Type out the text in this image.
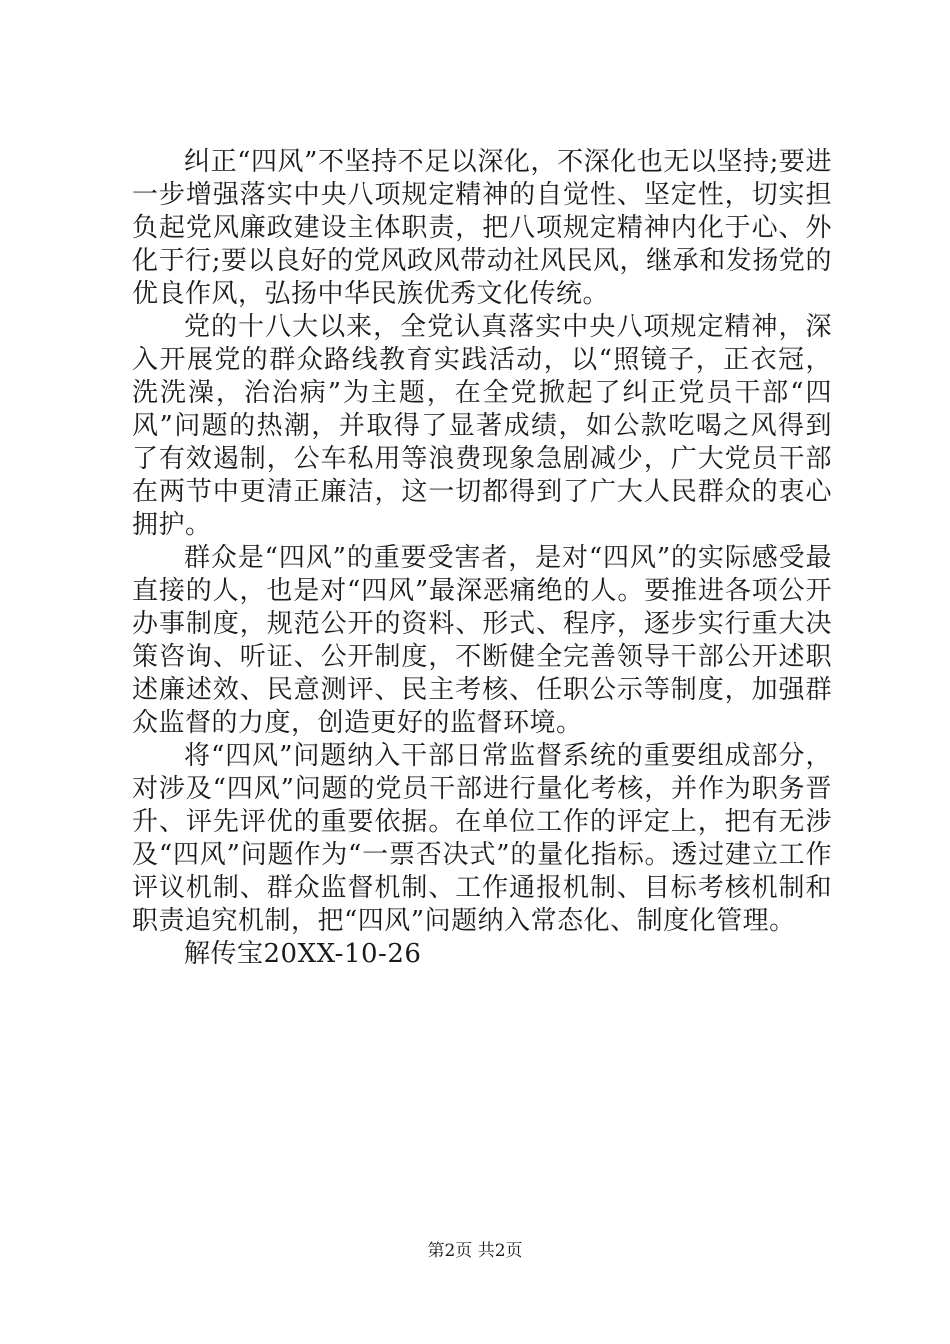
纠正“四风”不坚持不足以深化，不深化也无以坚持;要进一步增强落实中央八项规定精神的自觉性、坚定性，切实担负起党风廉政建设主体职责，把八项规定精神内化于心、外化于行;要以良好的党风政风带动社风民风，继承和发扬党的优良作风，弘扬中华民族优秀文化传统。

党的十八大以来，全党认真落实中央八项规定精神，深入开展党的群众路线教育实践活动，以“照镜子，正衣冠，洗洗澡，治治病”为主题，在全党掀起了纠正党员干部“四风”问题的热潮，并取得了显著成绩，如公款吃喝之风得到了有效遏制，公车私用等浪费现象急剧减少，广大党员干部在两节中更清正廉洁，这一切都得到了广大人民群众的衷心拥护。

群众是“四风”的重要受害者，是对“四风”的实际感受最直接的人，也是对“四风”最深恶痛绝的人。要推进各项公开办事制度，规范公开的资料、形式、程序，逐步实行重大决策咨询、听证、公开制度，不断健全完善领导干部公开述职述廉述效、民意测评、民主考核、任职公示等制度，加强群众监督的力度，创造更好的监督环境。

将“四风”问题纳入干部日常监督系统的重要组成部分，对涉及“四风”问题的党员干部进行量化考核，并作为职务晋升、评先评优的重要依据。在单位工作的评定上，把有无涉及“四风”问题作为“一票否决式”的量化指标。透过建立工作评议机制、群众监督机制、工作通报机制、目标考核机制和职责追究机制，把“四风”问题纳入常态化、制度化管理。

解传宝20XX-10-26

第2页 共2页
